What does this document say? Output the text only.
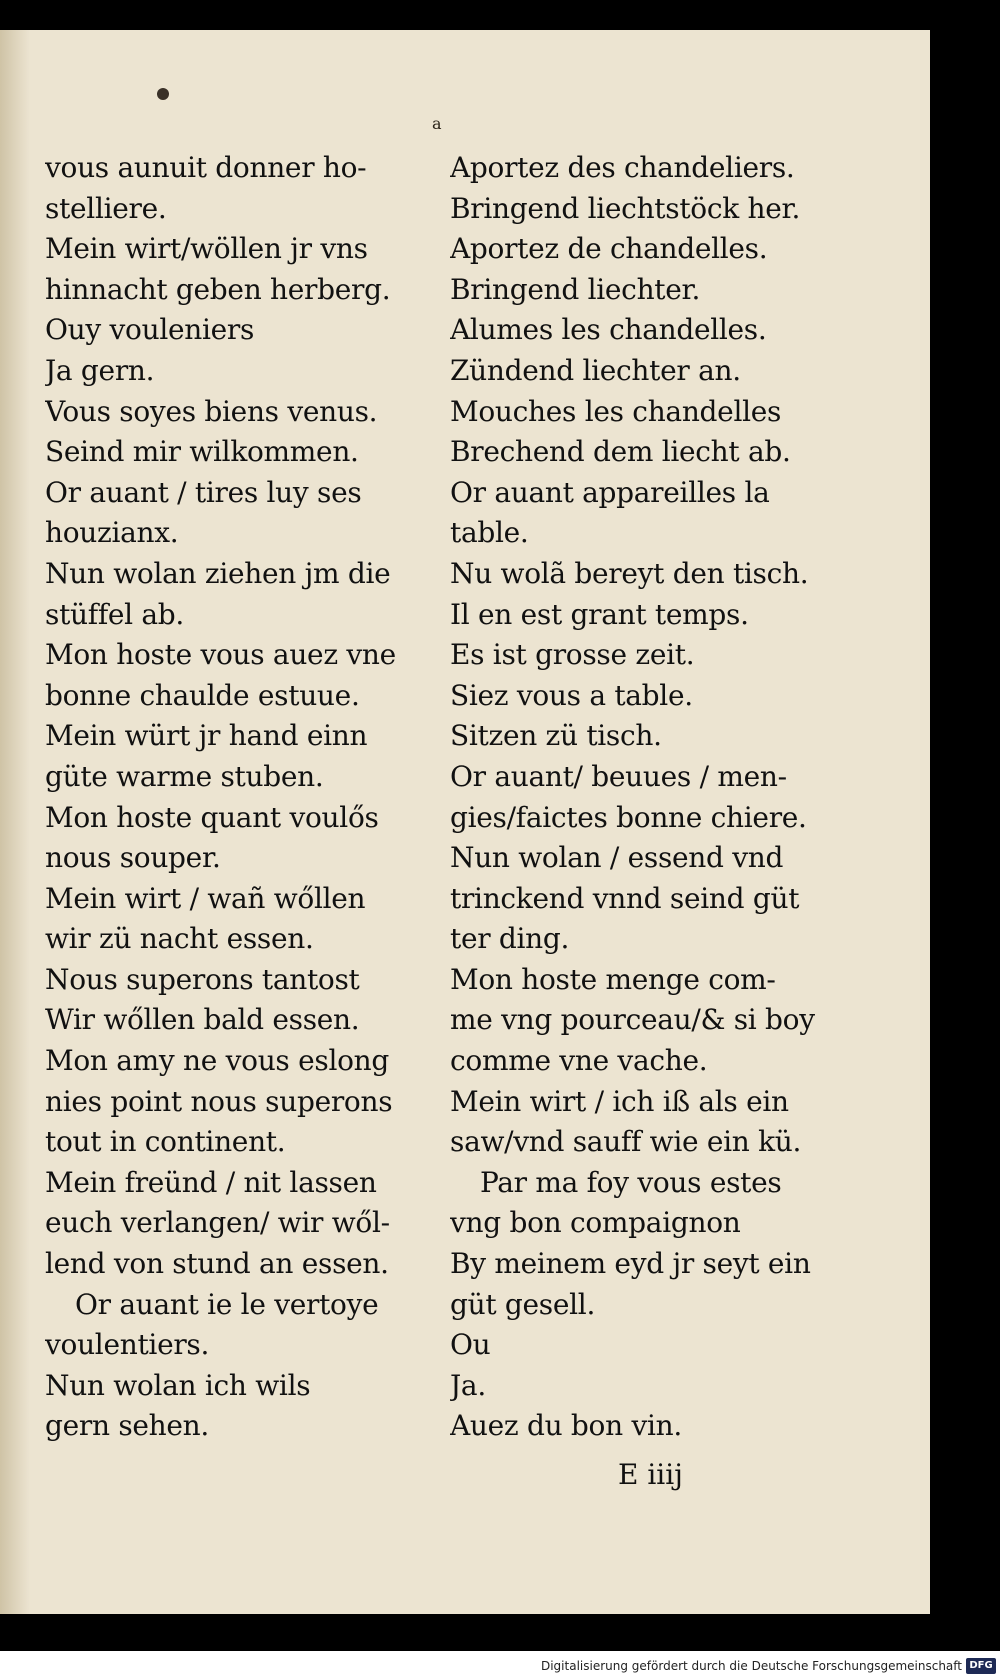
a
vous aunuit donner ho-
stelliere.
Mein wirt/wöllen jr vns
hinnacht geben herberg.
Ouy vouleniers
Ja gern.
Vous soyes biens venus.
Seind mir wilkommen.
Or auant / tires luy ses
houzianx.
Nun wolan ziehen jm die
stüffel ab.
Mon hoste vous auez vne
bonne chaulde estuue.
Mein würt jr hand einn
güte warme stuben.
Mon hoste quant voulős
nous souper.
Mein wirt / wañ wőllen
wir zü nacht essen.
Nous superons tantost
Wir wőllen bald essen.
Mon amy ne vous eslong
nies point nous superons
tout in continent.
Mein freünd / nit lassen
euch verlangen/ wir wől-
lend von stund an essen.
Or auant ie le vertoye
voulentiers.
Nun wolan ich wils
gern sehen.
Aportez des chandeliers.
Bringend liechtstöck her.
Aportez de chandelles.
Bringend liechter.
Alumes les chandelles.
Zündend liechter an.
Mouches les chandelles
Brechend dem liecht ab.
Or auant appareilles la
table.
Nu wolã bereyt den tisch.
Il en est grant temps.
Es ist grosse zeit.
Siez vous a table.
Sitzen zü tisch.
Or auant/ beuues / men-
gies/faictes bonne chiere.
Nun wolan / essend vnd
trinckend vnnd seind güt
ter ding.
Mon hoste menge com-
me vng pourceau/& si boy
comme vne vache.
Mein wirt / ich iß als ein
saw/vnd sauff wie ein kü.
Par ma foy vous estes
vng bon compaignon
By meinem eyd jr seyt ein
güt gesell.
Ou
Ja.
Auez du bon vin.
E iiij
Digitalisierung gefördert durch die Deutsche Forschungsgemeinschaft DFG
